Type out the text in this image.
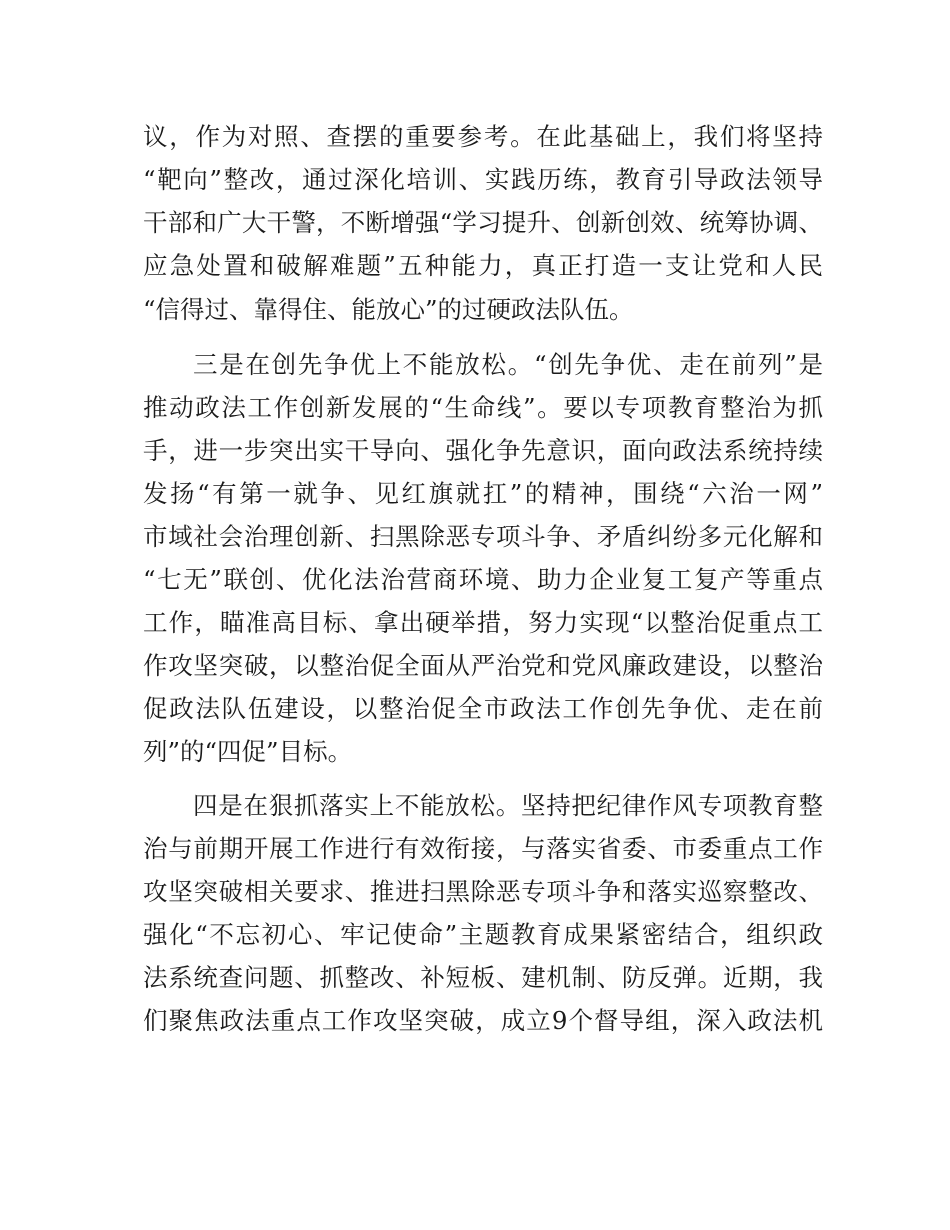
议，作为对照、查摆的重要参考。在此基础上，我们将坚持
“靶向”整改，通过深化培训、实践历练，教育引导政法领导
干部和广大干警，不断增强“学习提升、创新创效、统筹协调、
应急处置和破解难题”五种能力，真正打造一支让党和人民
“信得过、靠得住、能放心”的过硬政法队伍。
三是在创先争优上不能放松。“创先争优、走在前列”是
推动政法工作创新发展的“生命线”。要以专项教育整治为抓
手，进一步突出实干导向、强化争先意识，面向政法系统持续
发扬“有第一就争、见红旗就扛”的精神，围绕“六治一网”
市域社会治理创新、扫黑除恶专项斗争、矛盾纠纷多元化解和
“七无”联创、优化法治营商环境、助力企业复工复产等重点
工作，瞄准高目标、拿出硬举措，努力实现“以整治促重点工
作攻坚突破，以整治促全面从严治党和党风廉政建设，以整治
促政法队伍建设，以整治促全市政法工作创先争优、走在前
列”的“四促”目标。
四是在狠抓落实上不能放松。坚持把纪律作风专项教育整
治与前期开展工作进行有效衔接，与落实省委、市委重点工作
攻坚突破相关要求、推进扫黑除恶专项斗争和落实巡察整改、
强化“不忘初心、牢记使命”主题教育成果紧密结合，组织政
法系统查问题、抓整改、补短板、建机制、防反弹。近期，我
们聚焦政法重点工作攻坚突破，成立9个督导组，深入政法机
